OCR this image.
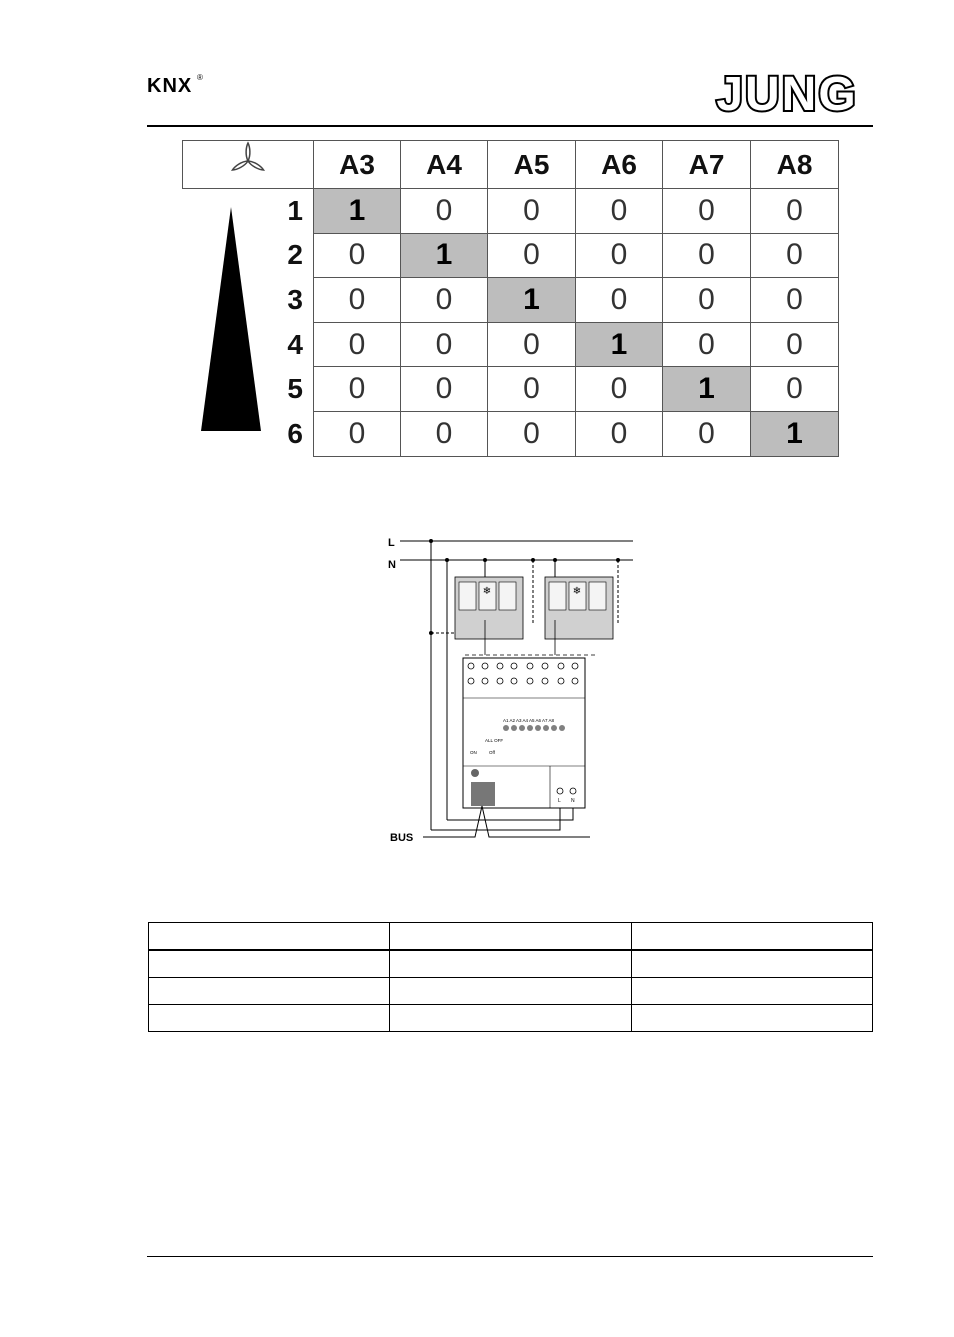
KNX ®	JUNG
	A3	A4	A5	A6	A7	A8

1	1	0	0	0	0	0
2	0	1	0	0	0	0
3	0	0	1	0	0	0
4	0	0	0	1	0	0
5	0	0	0	0	1	0
6	0	0	0	0	0	1
L
N
BUS
❄	❄
A1 A2 A3 A4 A5 A6 A7 A8
ALL OFF
ON	Off
L N
